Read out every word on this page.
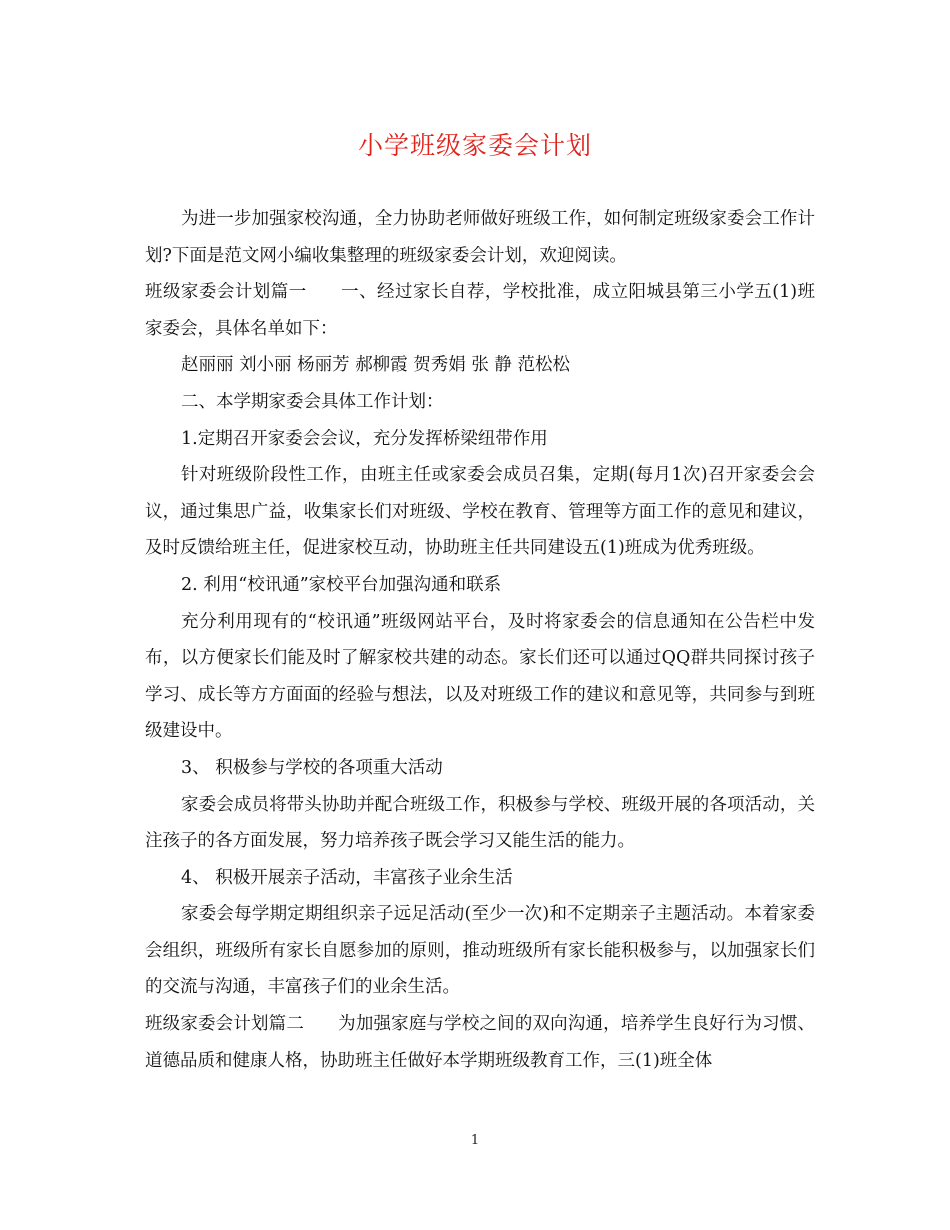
小学班级家委会计划

为进一步加强家校沟通，全力协助老师做好班级工作，如何制定班级家委会工作计划?下面是范文网小编收集整理的班级家委会计划，欢迎阅读。

班级家委会计划篇一 一、经过家长自荐，学校批准，成立阳城县第三小学五(1)班家委会，具体名单如下：

赵丽丽 刘小丽 杨丽芳 郝柳霞 贺秀娟 张 静 范松松

二、本学期家委会具体工作计划：

1.定期召开家委会会议，充分发挥桥梁纽带作用

针对班级阶段性工作，由班主任或家委会成员召集，定期(每月1次)召开家委会会议，通过集思广益，收集家长们对班级、学校在教育、管理等方面工作的意见和建议，及时反馈给班主任，促进家校互动，协助班主任共同建设五(1)班成为优秀班级。

2. 利用“校讯通”家校平台加强沟通和联系

充分利用现有的“校讯通”班级网站平台，及时将家委会的信息通知在公告栏中发布，以方便家长们能及时了解家校共建的动态。家长们还可以通过QQ群共同探讨孩子学习、成长等方方面面的经验与想法，以及对班级工作的建议和意见等，共同参与到班级建设中。

3、 积极参与学校的各项重大活动

家委会成员将带头协助并配合班级工作，积极参与学校、班级开展的各项活动，关注孩子的各方面发展，努力培养孩子既会学习又能生活的能力。

4、 积极开展亲子活动，丰富孩子业余生活

家委会每学期定期组织亲子远足活动(至少一次)和不定期亲子主题活动。本着家委会组织，班级所有家长自愿参加的原则，推动班级所有家长能积极参与，以加强家长们的交流与沟通，丰富孩子们的业余生活。

班级家委会计划篇二 为加强家庭与学校之间的双向沟通，培养学生良好行为习惯、道德品质和健康人格，协助班主任做好本学期班级教育工作，三(1)班全体

1
